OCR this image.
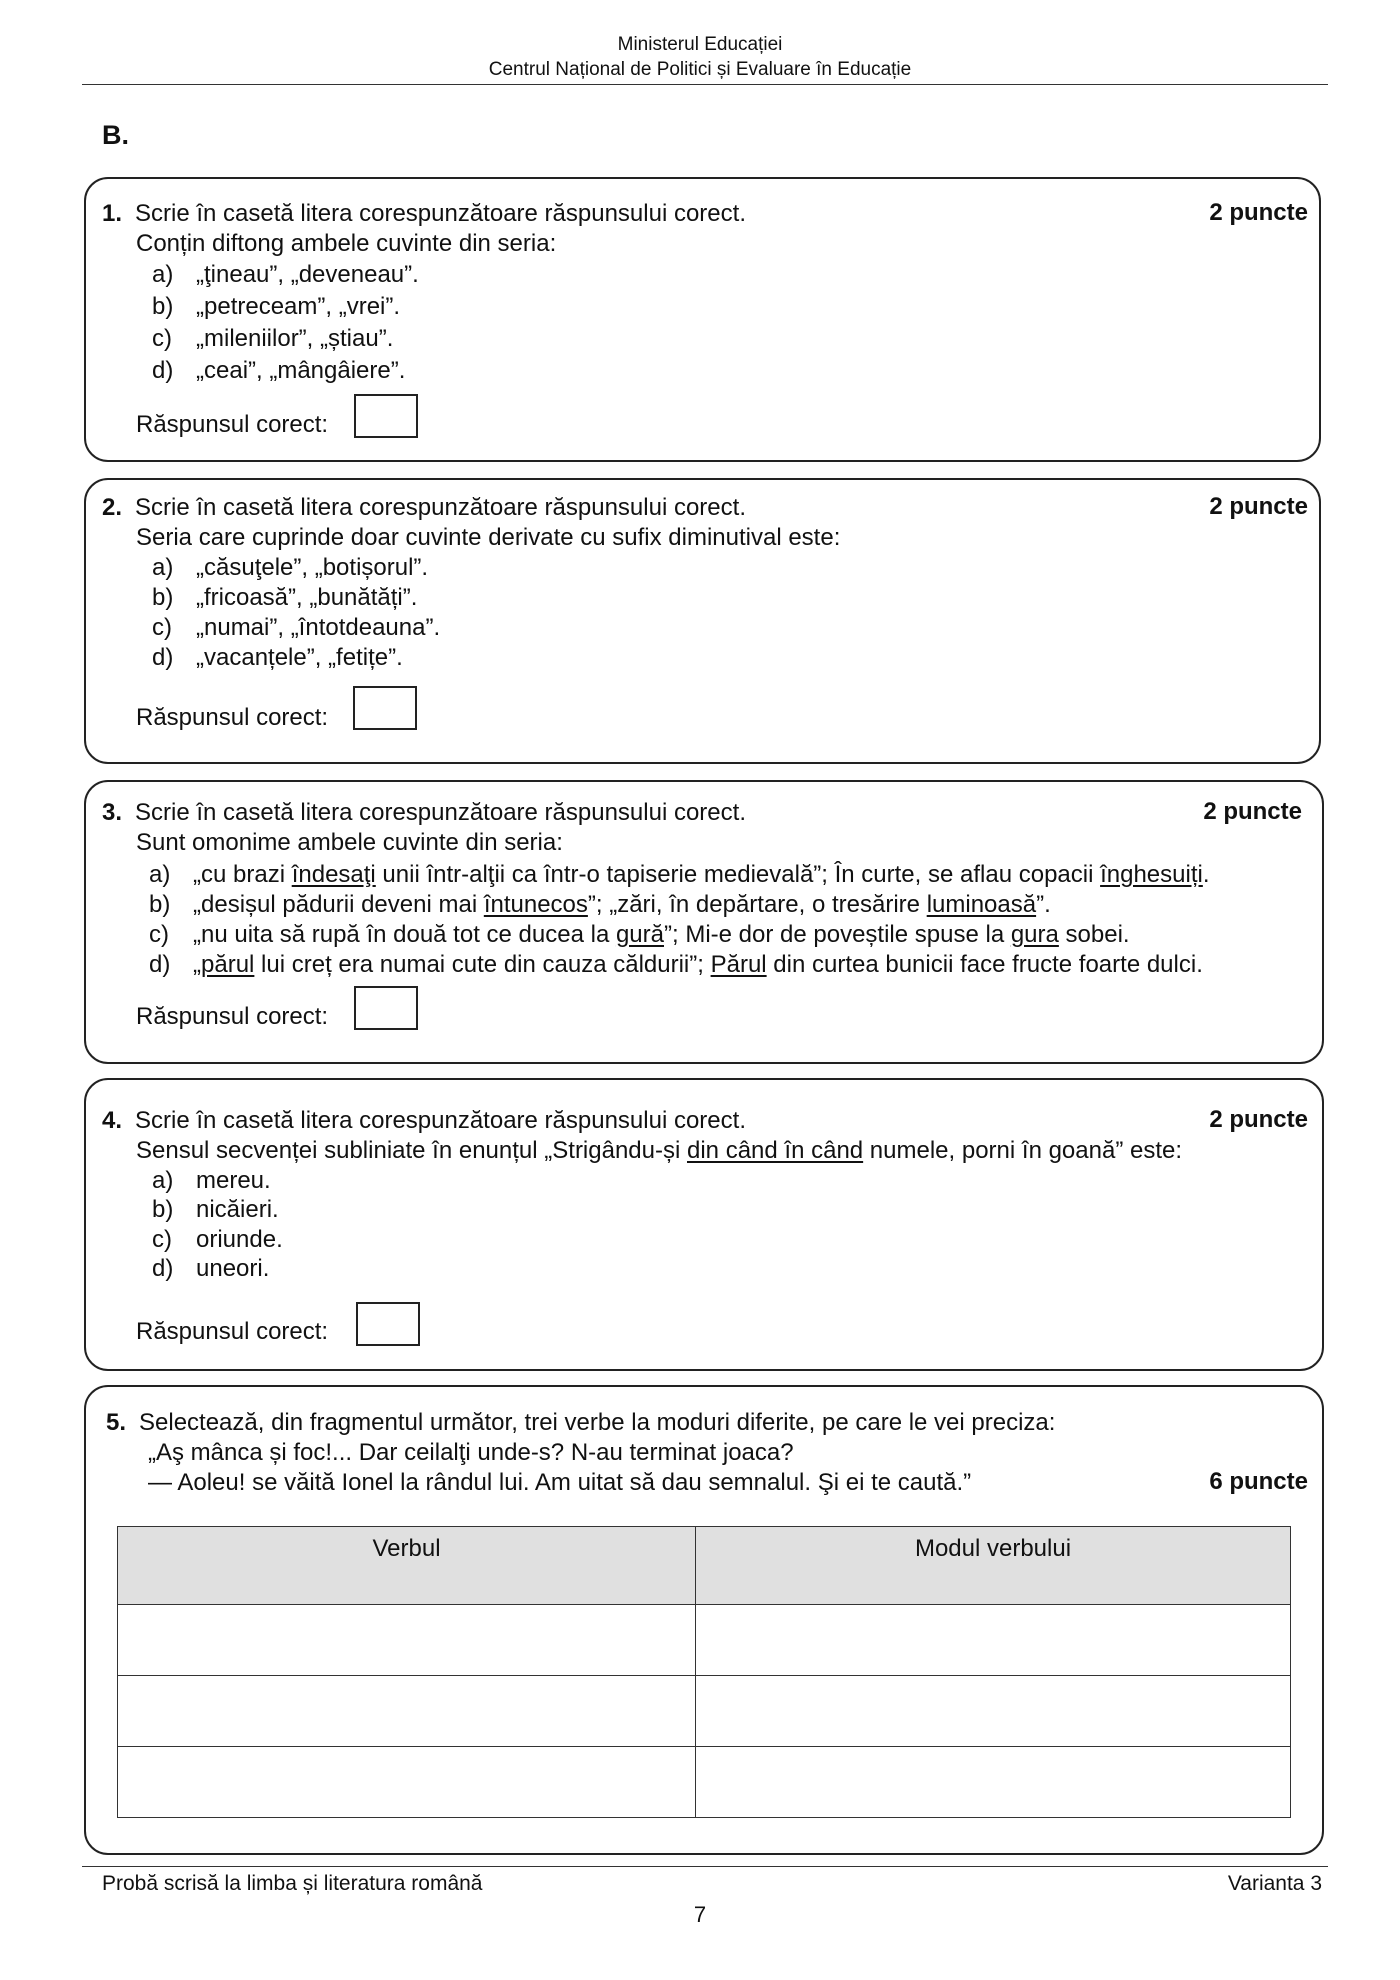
Ministerul Educației
Centrul Național de Politici și Evaluare în Educație
B.
1. Scrie în casetă litera corespunzătoare răspunsului corect.	2 puncte
Conțin diftong ambele cuvinte din seria:
a) „ţineau”, „deveneau”.
b) „petreceam”, „vrei”.
c) „mileniilor”, „știau”.
d) „ceai”, „mângâiere”.
Răspunsul corect:
2. Scrie în casetă litera corespunzătoare răspunsului corect.	2 puncte
Seria care cuprinde doar cuvinte derivate cu sufix diminutival este:
a) „căsuţele”, „botișorul”.
b) „fricoasă”, „bunătăți”.
c) „numai”, „întotdeauna”.
d) „vacanțele”, „fetițe”.
Răspunsul corect:
3. Scrie în casetă litera corespunzătoare răspunsului corect.	2 puncte
Sunt omonime ambele cuvinte din seria:
a) „cu brazi îndesaţi unii într-alţii ca într-o tapiserie medievală”; În curte, se aflau copacii înghesuiți.
b) „desișul pădurii deveni mai întunecos”; „zări, în depărtare, o tresărire luminoasă”.
c) „nu uita să rupă în două tot ce ducea la gură”; Mi-e dor de poveștile spuse la gura sobei.
d) „părul lui creț era numai cute din cauza căldurii”; Părul din curtea bunicii face fructe foarte dulci.
Răspunsul corect:
4. Scrie în casetă litera corespunzătoare răspunsului corect.	2 puncte
Sensul secvenței subliniate în enunțul „Strigându-și din când în când numele, porni în goană” este:
a) mereu.
b) nicăieri.
c) oriunde.
d) uneori.
Răspunsul corect:
5. Selectează, din fragmentul următor, trei verbe la moduri diferite, pe care le vei preciza:
„Aş mânca și foc!... Dar ceilalţi unde-s? N-au terminat joaca?
— Aoleu! se văită Ionel la rândul lui. Am uitat să dau semnalul. Şi ei te caută.”	6 puncte
Verbul	Modul verbului

Probă scrisă la limba și literatura română	Varianta 3
7
